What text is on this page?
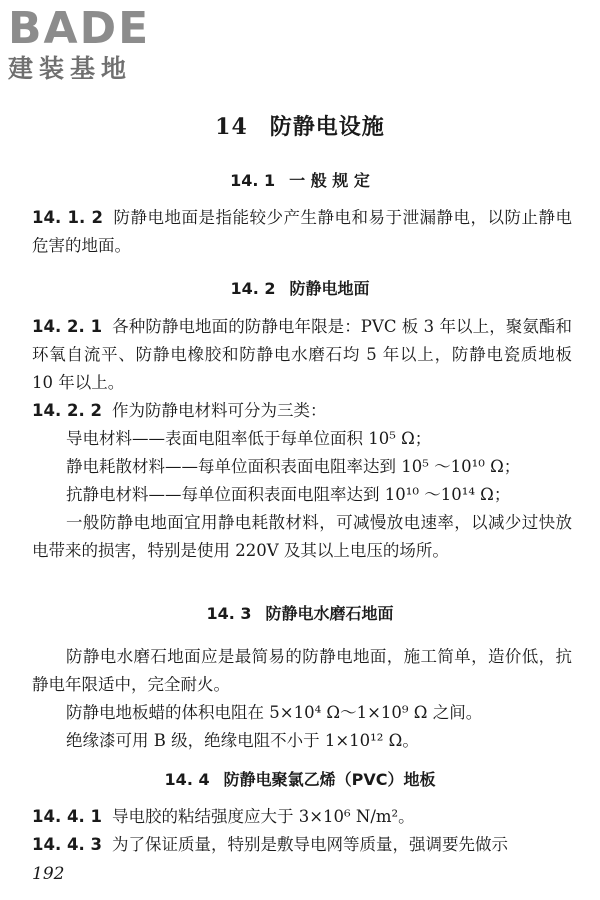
BADE
建装基地
14 防静电设施
14. 1 一 般 规 定

14. 1. 2 防静电地面是指能较少产生静电和易于泄漏静电，以防止静电危害的地面。

14. 2 防静电地面

14. 2. 1 各种防静电地面的防静电年限是：PVC 板 3 年以上，聚氨酯和环氧自流平、防静电橡胶和防静电水磨石均 5 年以上，防静电瓷质地板 10 年以上。

14. 2. 2 作为防静电材料可分为三类：

导电材料——表面电阻率低于每单位面积 10⁵ Ω；

静电耗散材料——每单位面积表面电阻率达到 10⁵ ～10¹⁰ Ω；

抗静电材料——每单位面积表面电阻率达到 10¹⁰ ～10¹⁴ Ω；

一般防静电地面宜用静电耗散材料，可减慢放电速率，以减少过快放电带来的损害，特别是使用 220V 及其以上电压的场所。

14. 3 防静电水磨石地面

防静电水磨石地面应是最简易的防静电地面，施工简单，造价低，抗静电年限适中，完全耐火。

防静电地板蜡的体积电阻在 5×10⁴ Ω～1×10⁹ Ω 之间。

绝缘漆可用 B 级，绝缘电阻不小于 1×10¹² Ω。

14. 4 防静电聚氯乙烯（PVC）地板

14. 4. 1 导电胶的粘结强度应大于 3×10⁶ N/m²。

14. 4. 3 为了保证质量，特别是敷导电网等质量，强调要先做示

192
